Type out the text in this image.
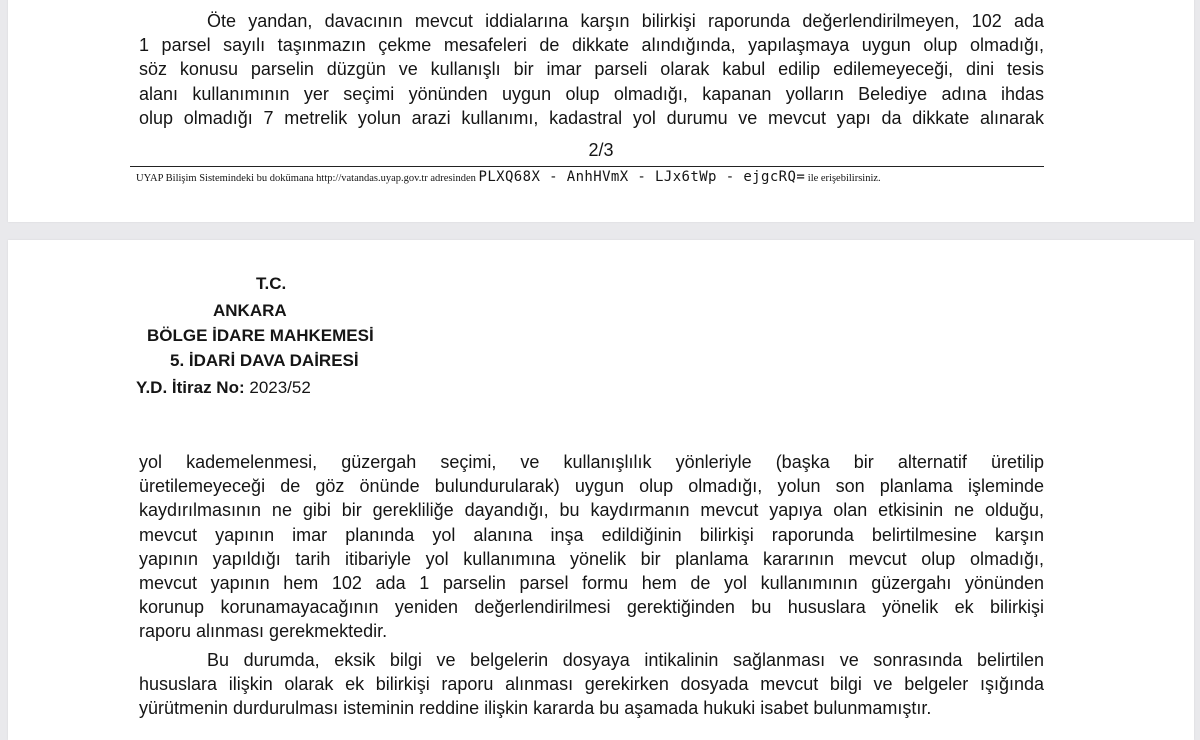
Öte yandan, davacının mevcut iddialarına karşın bilirkişi raporunda değerlendirilmeyen, 102 ada
1 parsel sayılı taşınmazın çekme mesafeleri de dikkate alındığında, yapılaşmaya uygun olup olmadığı,
söz konusu parselin düzgün ve kullanışlı bir imar parseli olarak kabul edilip edilemeyeceği, dini tesis
alanı kullanımının yer seçimi yönünden uygun olup olmadığı, kapanan yolların Belediye adına ihdas
olup olmadığı 7 metrelik yolun arazi kullanımı, kadastral yol durumu ve mevcut yapı da dikkate alınarak

2/3
UYAP Bilişim Sistemindeki bu dokümana http://vatandas.uyap.gov.tr adresinden PLXQ68X - AnhHVmX - LJx6tWp - ejgcRQ= ile erişebilirsiniz.
T.C.
ANKARA
BÖLGE İDARE MAHKEMESİ
5. İDARİ DAVA DAİRESİ
Y.D. İtiraz No: 2023/52

yol kademelenmesi, güzergah seçimi, ve kullanışlılık yönleriyle (başka bir alternatif üretilip
üretilemeyeceği de göz önünde bulundurularak) uygun olup olmadığı, yolun son planlama işleminde
kaydırılmasının ne gibi bir gerekliliğe dayandığı, bu kaydırmanın mevcut yapıya olan etkisinin ne olduğu,
mevcut yapının imar planında yol alanına inşa edildiğinin bilirkişi raporunda belirtilmesine karşın
yapının yapıldığı tarih itibariyle yol kullanımına yönelik bir planlama kararının mevcut olup olmadığı,
mevcut yapının hem 102 ada 1 parselin parsel formu hem de yol kullanımının güzergahı yönünden
korunup korunamayacağının yeniden değerlendirilmesi gerektiğinden bu hususlara yönelik ek bilirkişi
raporu alınması gerekmektedir.

Bu durumda, eksik bilgi ve belgelerin dosyaya intikalinin sağlanması ve sonrasında belirtilen
hususlara ilişkin olarak ek bilirkişi raporu alınması gerekirken dosyada mevcut bilgi ve belgeler ışığında
yürütmenin durdurulması isteminin reddine ilişkin kararda bu aşamada hukuki isabet bulunmamıştır.
